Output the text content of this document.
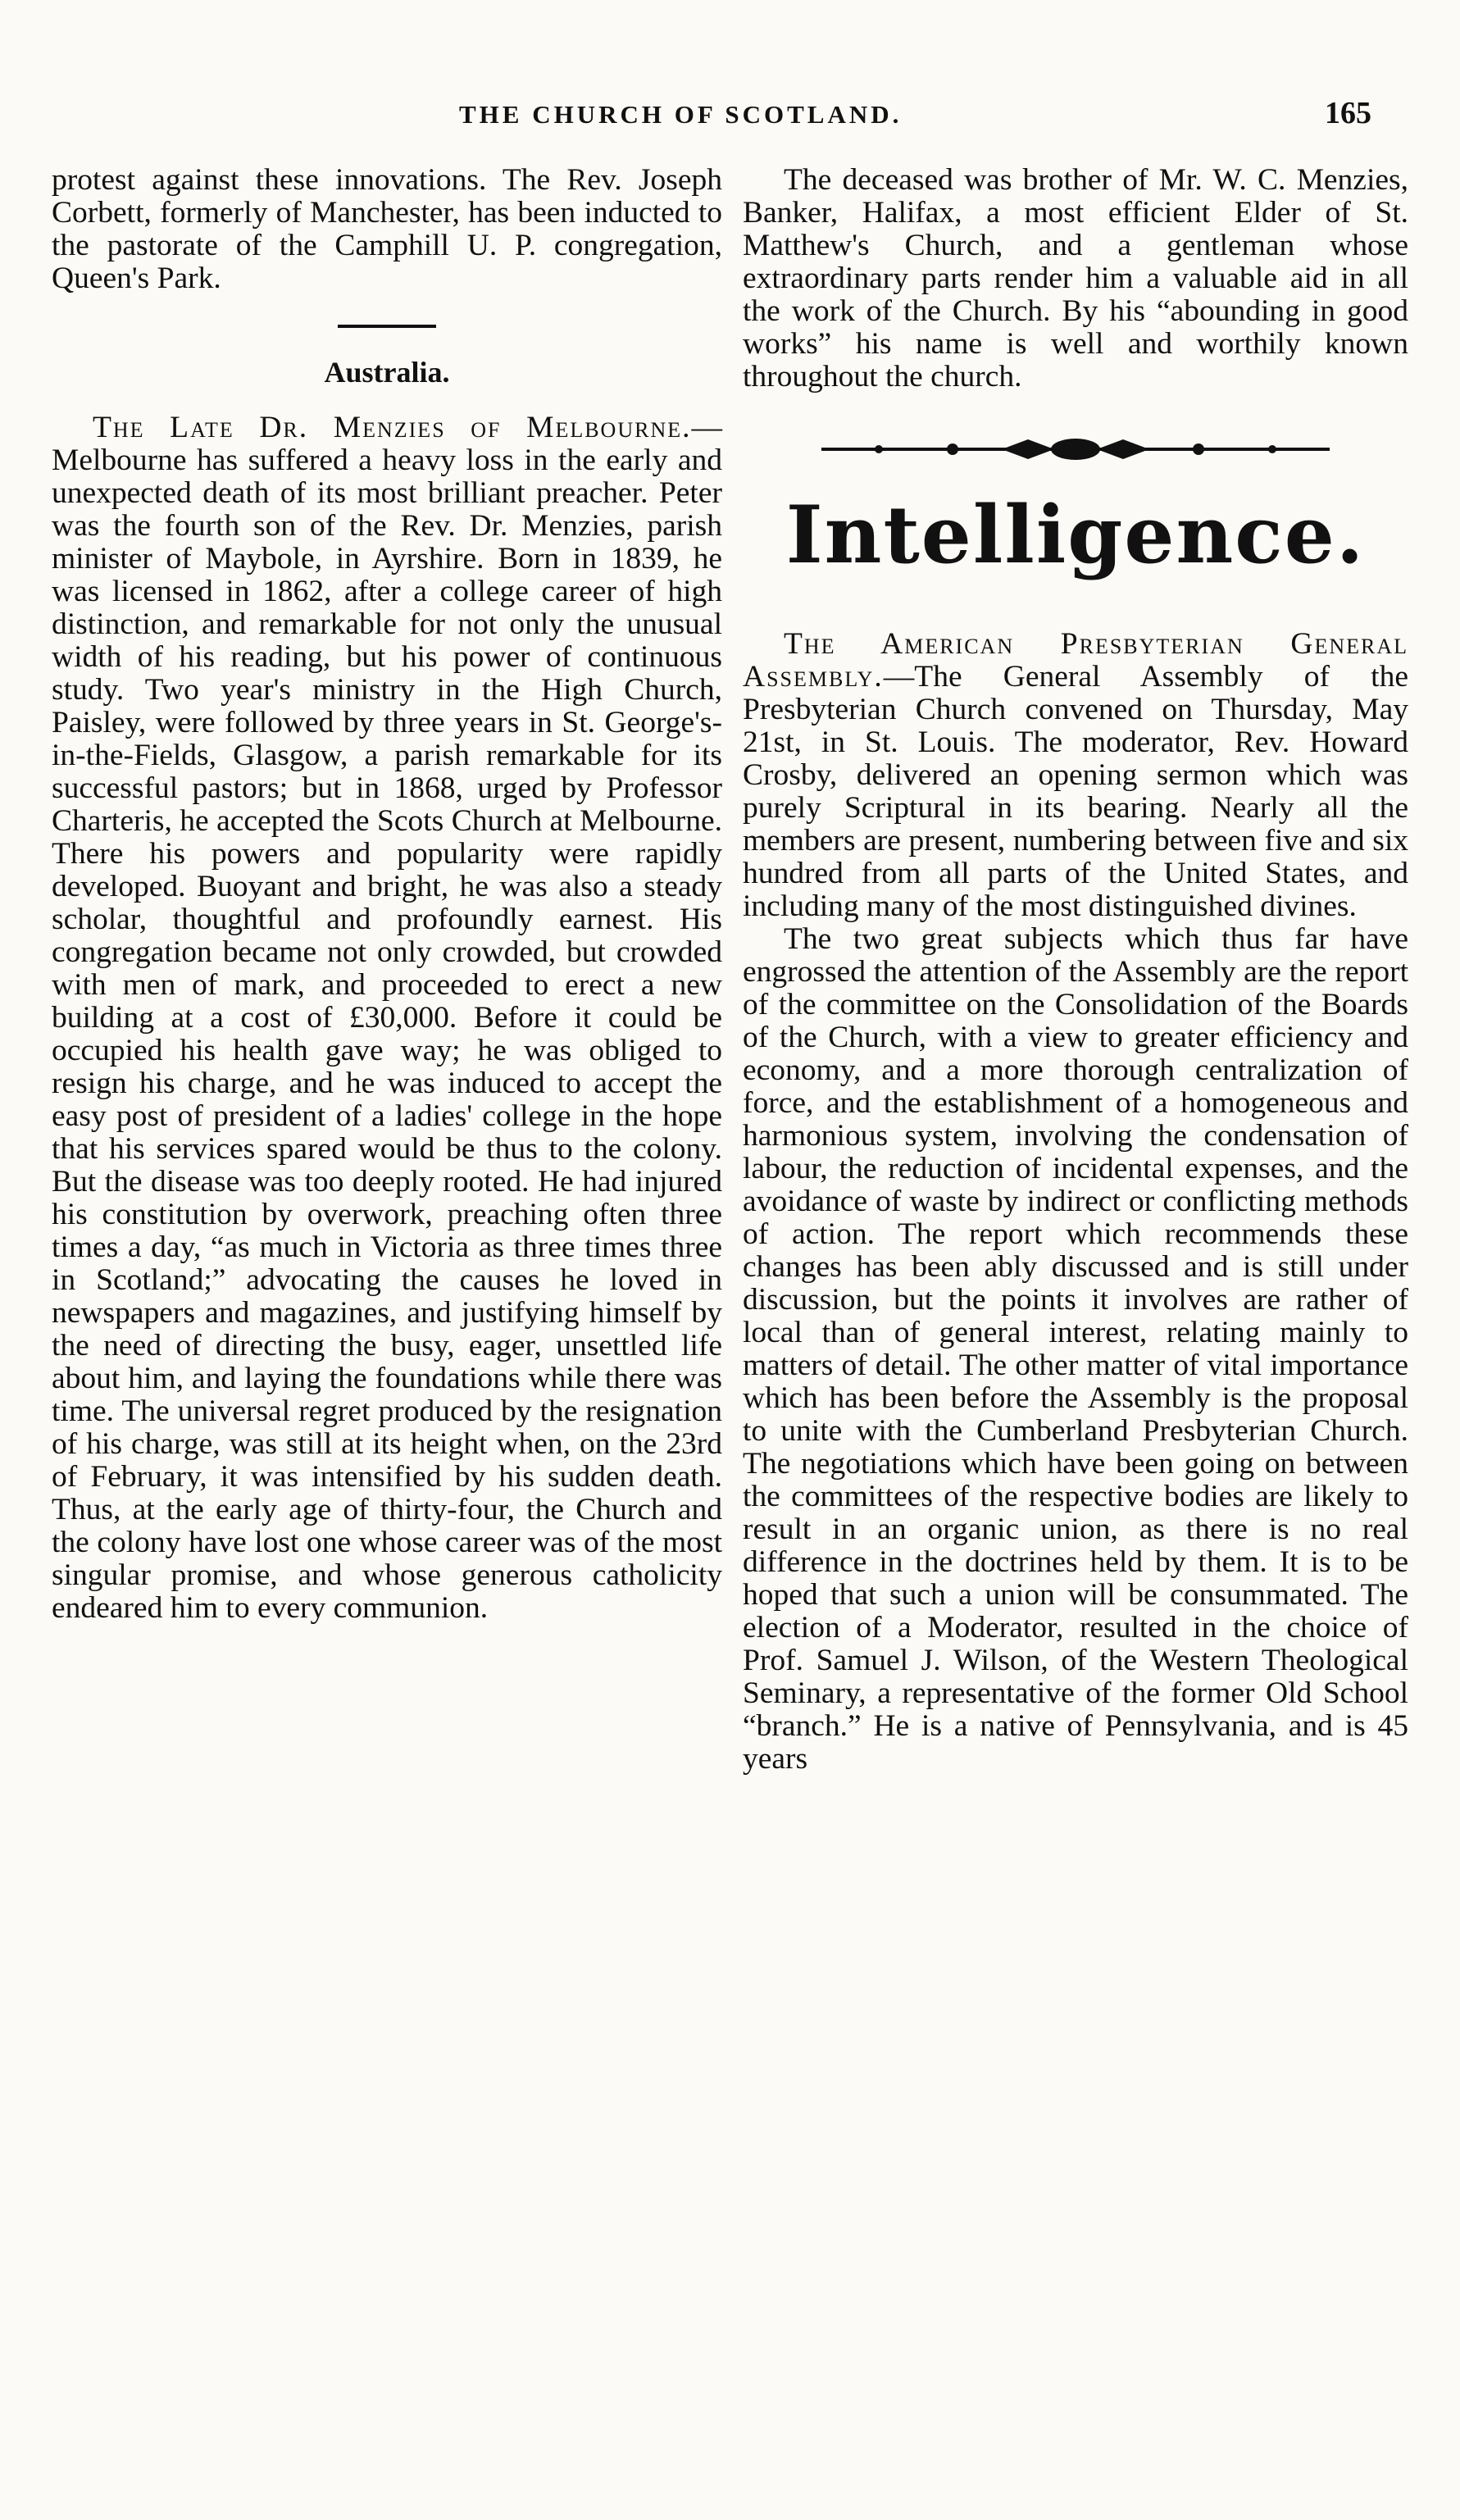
THE CHURCH OF SCOTLAND.	165

protest against these innovations. The Rev. Joseph Corbett, formerly of Manchester, has been inducted to the pastorate of the Camphill U. P. congregation, Queen's Park.

Australia.

The Late Dr. Menzies of Melbourne.—Melbourne has suffered a heavy loss in the early and unexpected death of its most brilliant preacher. Peter was the fourth son of the Rev. Dr. Menzies, parish minister of Maybole, in Ayrshire. Born in 1839, he was licensed in 1862, after a college career of high distinction, and remarkable for not only the unusual width of his reading, but his power of continuous study. Two year's ministry in the High Church, Paisley, were followed by three years in St. George's-in-the-Fields, Glasgow, a parish remarkable for its successful pastors; but in 1868, urged by Professor Charteris, he accepted the Scots Church at Melbourne. There his powers and popularity were rapidly developed. Buoyant and bright, he was also a steady scholar, thoughtful and profoundly earnest. His congregation became not only crowded, but crowded with men of mark, and proceeded to erect a new building at a cost of £30,000. Before it could be occupied his health gave way; he was obliged to resign his charge, and he was induced to accept the easy post of president of a ladies' college in the hope that his services spared would be thus to the colony. But the disease was too deeply rooted. He had injured his constitution by overwork, preaching often three times a day, “as much in Victoria as three times three in Scotland;” advocating the causes he loved in newspapers and magazines, and justifying himself by the need of directing the busy, eager, unsettled life about him, and laying the foundations while there was time. The universal regret produced by the resignation of his charge, was still at its height when, on the 23rd of February, it was intensified by his sudden death. Thus, at the early age of thirty-four, the Church and the colony have lost one whose career was of the most singular promise, and whose generous catholicity endeared him to every communion.

The deceased was brother of Mr. W. C. Menzies, Banker, Halifax, a most efficient Elder of St. Matthew's Church, and a gentleman whose extraordinary parts render him a valuable aid in all the work of the Church. By his “abounding in good works” his name is well and worthily known throughout the church.

Intelligence.

The American Presbyterian General Assembly.—The General Assembly of the Presbyterian Church convened on Thursday, May 21st, in St. Louis. The moderator, Rev. Howard Crosby, delivered an opening sermon which was purely Scriptural in its bearing. Nearly all the members are present, numbering between five and six hundred from all parts of the United States, and including many of the most distinguished divines.

The two great subjects which thus far have engrossed the attention of the Assembly are the report of the committee on the Consolidation of the Boards of the Church, with a view to greater efficiency and economy, and a more thorough centralization of force, and the establishment of a homogeneous and harmonious system, involving the condensation of labour, the reduction of incidental expenses, and the avoidance of waste by indirect or conflicting methods of action. The report which recommends these changes has been ably discussed and is still under discussion, but the points it involves are rather of local than of general interest, relating mainly to matters of detail. The other matter of vital importance which has been before the Assembly is the proposal to unite with the Cumberland Presbyterian Church. The negotiations which have been going on between the committees of the respective bodies are likely to result in an organic union, as there is no real difference in the doctrines held by them. It is to be hoped that such a union will be consummated. The election of a Moderator, resulted in the choice of Prof. Samuel J. Wilson, of the Western Theological Seminary, a representative of the former Old School “branch.” He is a native of Pennsylvania, and is 45 years
